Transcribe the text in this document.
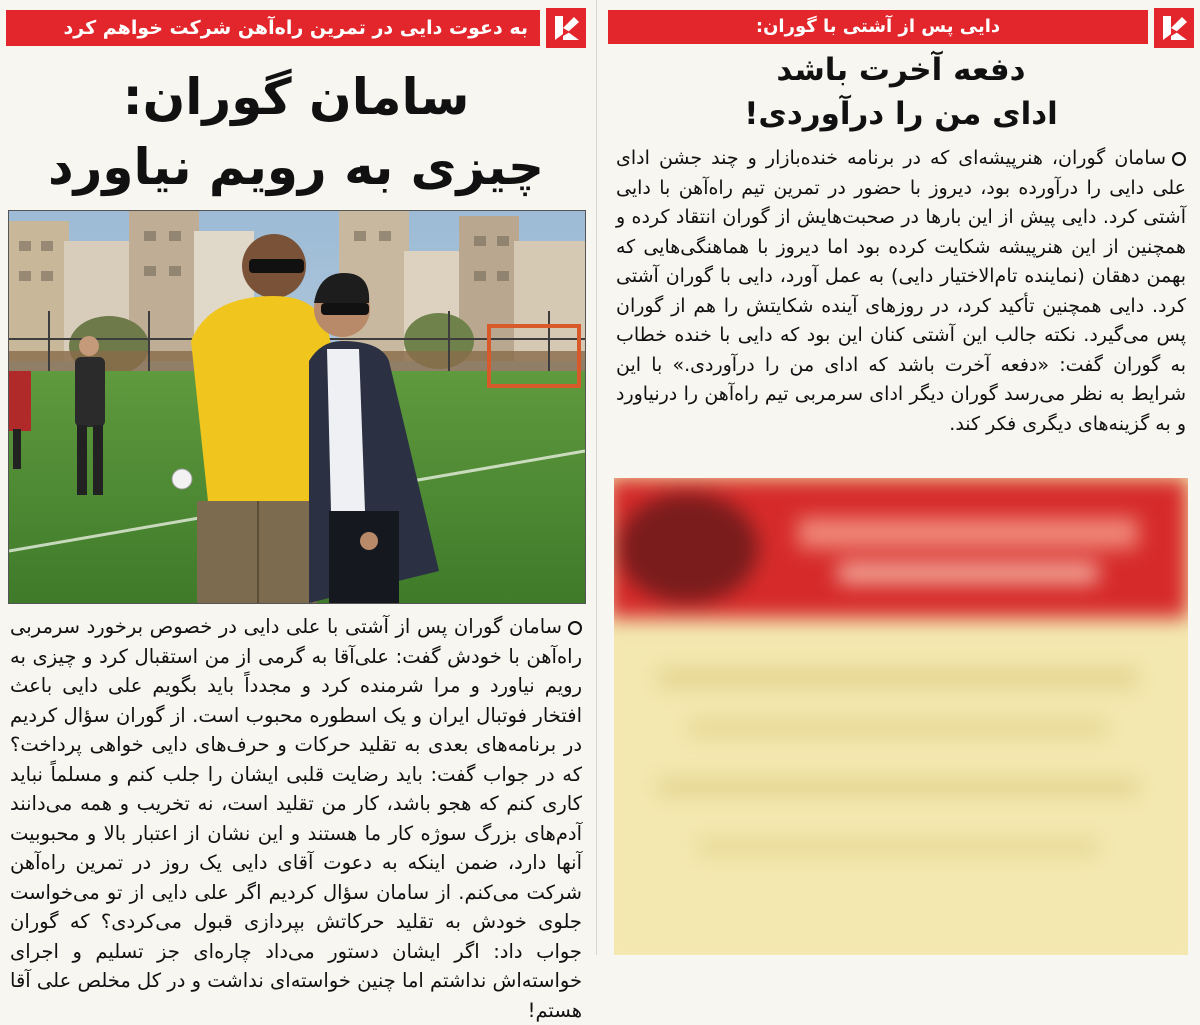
به دعوت دایی در تمرین راه‌آهن شرکت خواهم کرد
سامان گوران:
چیزی به رویم نیاورد
سامان گوران پس از آشتی با علی دایی در خصوص برخورد سرمربی راه‌آهن با خودش گفت: علی‌آقا به گرمی از من استقبال کرد و چیزی به رویم نیاورد و مرا شرمنده کرد و مجدداً باید بگویم علی دایی باعث افتخار فوتبال ایران و یک اسطوره محبوب است. از گوران سؤال کردیم در برنامه‌های بعدی به تقلید حرکات و حرف‌های دایی خواهی پرداخت؟ که در جواب گفت: باید رضایت قلبی ایشان را جلب کنم و مسلماً نباید کاری کنم که هجو باشد، کار من تقلید است، نه تخریب و همه می‌دانند آدم‌های بزرگ سوژه کار ما هستند و این نشان از اعتبار بالا و محبوبیت آنها دارد، ضمن اینکه به دعوت آقای دایی یک روز در تمرین راه‌آهن شرکت می‌کنم. از سامان سؤال کردیم اگر علی دایی از تو می‌خواست جلوی خودش به تقلید حرکاتش بپردازی قبول می‌کردی؟ که گوران جواب داد: اگر ایشان دستور می‌داد چاره‌ای جز تسلیم و اجرای خواسته‌اش نداشتم اما چنین خواسته‌ای نداشت و در کل مخلص علی آقا هستم!
دایی پس از آشتی با گوران:
دفعه آخرت باشد
ادای من را درآوردی!
سامان گوران، هنرپیشه‌ای که در برنامه خنده‌بازار و چند جشن ادای علی دایی را درآورده بود، دیروز با حضور در تمرین تیم راه‌آهن با دایی آشتی کرد. دایی پیش از این بارها در صحبت‌هایش از گوران انتقاد کرده و همچنین از این هنرپیشه شکایت کرده بود اما دیروز با هماهنگی‌هایی که بهمن دهقان (نماینده تام‌الاختیار دایی) به عمل آورد، دایی با گوران آشتی کرد. دایی همچنین تأکید کرد، در روزهای آینده شکایتش را هم از گوران پس می‌گیرد. نکته جالب این آشتی کنان این بود که دایی با خنده خطاب به گوران گفت: «دفعه آخرت باشد که ادای من را درآوردی.» با این شرایط به نظر می‌رسد گوران دیگر ادای سرمربی تیم راه‌آهن را درنیاورد و به گزینه‌های دیگری فکر کند.
